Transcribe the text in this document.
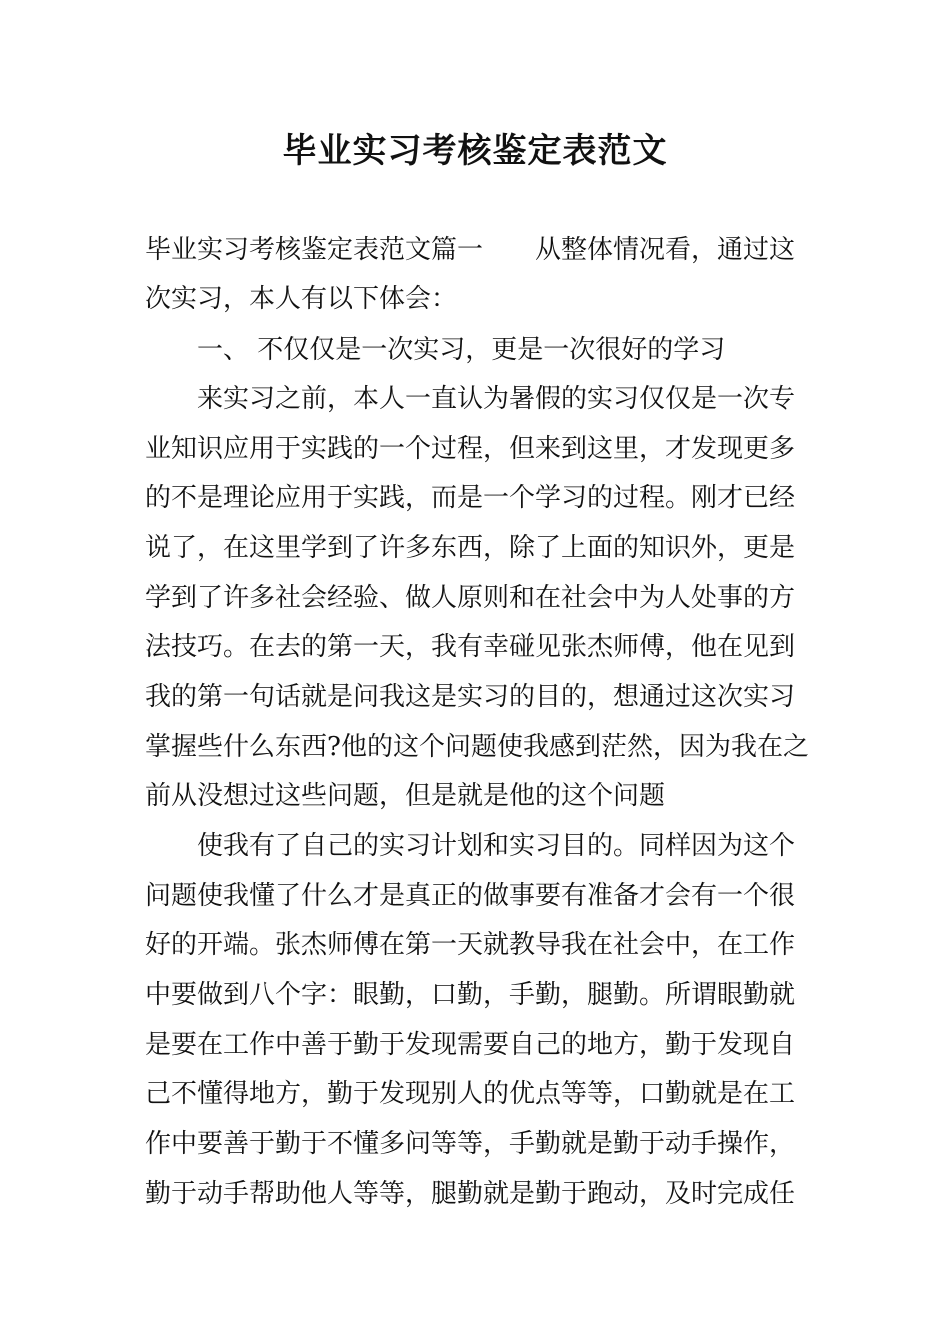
毕业实习考核鉴定表范文
毕业实习考核鉴定表范文篇一　　从整体情况看，通过这
次实习，本人有以下体会：
一、 不仅仅是一次实习，更是一次很好的学习
来实习之前，本人一直认为暑假的实习仅仅是一次专
业知识应用于实践的一个过程，但来到这里，才发现更多
的不是理论应用于实践，而是一个学习的过程。刚才已经
说了，在这里学到了许多东西，除了上面的知识外，更是
学到了许多社会经验、做人原则和在社会中为人处事的方
法技巧。在去的第一天，我有幸碰见张杰师傅，他在见到
我的第一句话就是问我这是实习的目的，想通过这次实习
掌握些什么东西?他的这个问题使我感到茫然，因为我在之
前从没想过这些问题，但是就是他的这个问题
使我有了自己的实习计划和实习目的。同样因为这个
问题使我懂了什么才是真正的做事要有准备才会有一个很
好的开端。张杰师傅在第一天就教导我在社会中，在工作
中要做到八个字：眼勤，口勤，手勤，腿勤。所谓眼勤就
是要在工作中善于勤于发现需要自己的地方，勤于发现自
己不懂得地方，勤于发现别人的优点等等，口勤就是在工
作中要善于勤于不懂多问等等，手勤就是勤于动手操作，
勤于动手帮助他人等等，腿勤就是勤于跑动，及时完成任
